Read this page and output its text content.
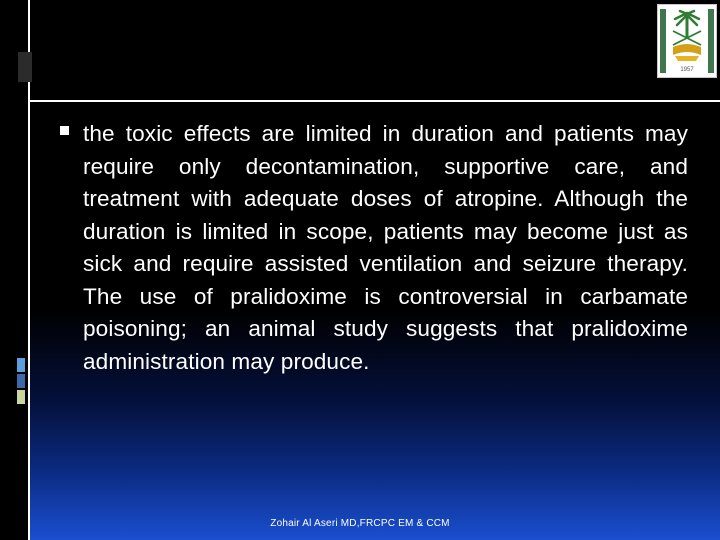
1957
the toxic effects are limited in duration and patients may require only decontamination, supportive care, and treatment with adequate doses of atropine. Although the duration is limited in scope, patients may become just as sick and require assisted ventilation and seizure therapy. The use of pralidoxime is controversial in carbamate poisoning; an animal study suggests that pralidoxime administration may produce.
Zohair Al Aseri MD,FRCPC EM & CCM
